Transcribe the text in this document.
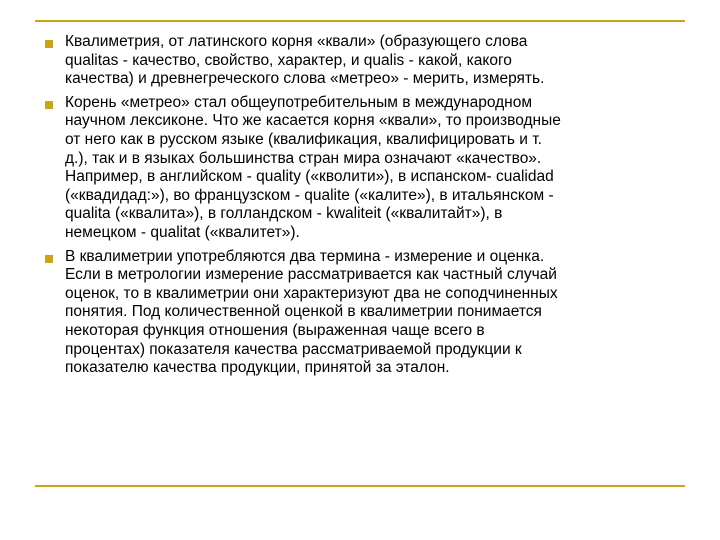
Квалиметрия, от латинского корня «квали» (образующего слова
qualitas - качество, свойство, характер, и qualis - какой, какого
качества) и древнегреческого слова «метрео» - мерить, измерять.
Корень «метрео» стал общеупотребительным в международном
научном лексиконе. Что же касается корня «квали», то производные
от него как в русском языке (квалификация, квалифицировать и т.
д.), так и в языках большинства стран мира означают «качество».
Например, в английском - quality («кволити»), в испанском- cualidad
(«квадидад:»), во французском - qualite («калите»), в итальянском -
qualita («квалита»), в голландском - kwaliteit («квалитайт»), в
немецком - qualitat («квалитет»).
В квалиметрии употребляются два термина - измерение и оценка.
Если в метрологии измерение рассматривается как частный случай
оценок, то в квалиметрии они характеризуют два не соподчиненных
понятия. Под количественной оценкой в квалиметрии понимается
некоторая функция отношения (выраженная чаще всего в
процентах) показателя качества рассматриваемой продукции к
показателю качества продукции, принятой за эталон.
